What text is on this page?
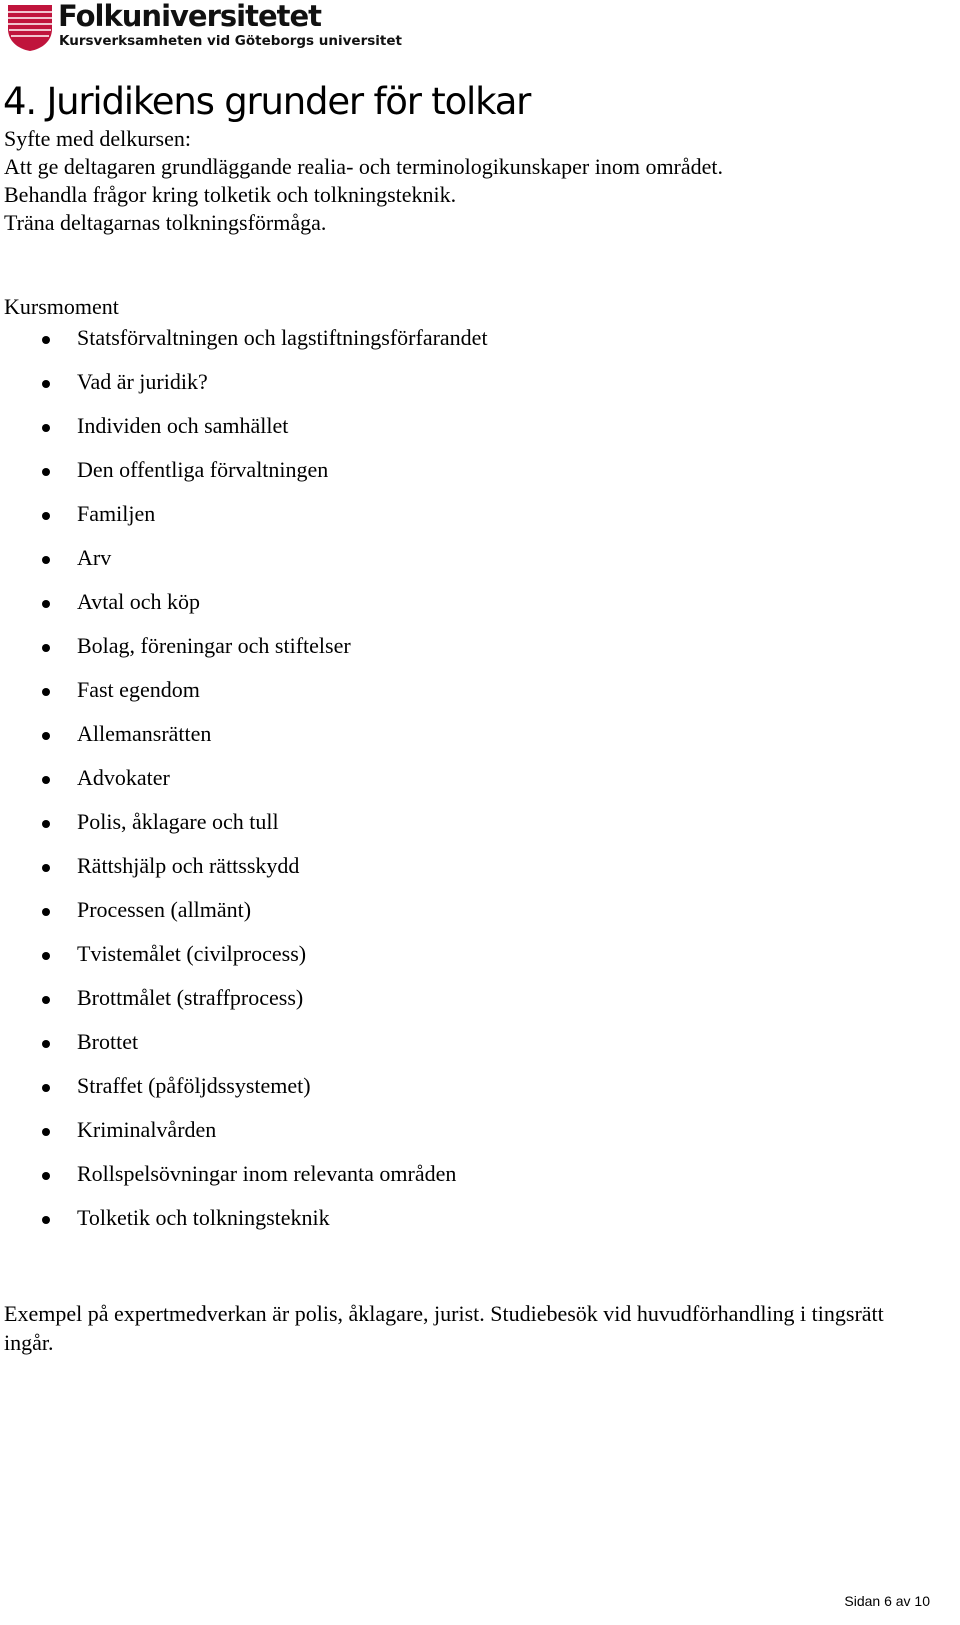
Folkuniversitetet
Kursverksamheten vid Göteborgs universitet
4. Juridikens grunder för tolkar
Syfte med delkursen:
Att ge deltagaren grundläggande realia- och terminologikunskaper inom området.
Behandla frågor kring tolketik och tolkningsteknik.
Träna deltagarnas tolkningsförmåga.
Kursmoment
Statsförvaltningen och lagstiftningsförfarandet
Vad är juridik?
Individen och samhället
Den offentliga förvaltningen
Familjen
Arv
Avtal och köp
Bolag, föreningar och stiftelser
Fast egendom
Allemansrätten
Advokater
Polis, åklagare och tull
Rättshjälp och rättsskydd
Processen (allmänt)
Tvistemålet (civilprocess)
Brottmålet (straffprocess)
Brottet
Straffet (påföljdssystemet)
Kriminalvården
Rollspelsövningar inom relevanta områden
Tolketik och tolkningsteknik
Exempel på expertmedverkan är polis, åklagare, jurist. Studiebesök vid huvudförhandling i tingsrätt ingår.
Sidan 6 av 10
